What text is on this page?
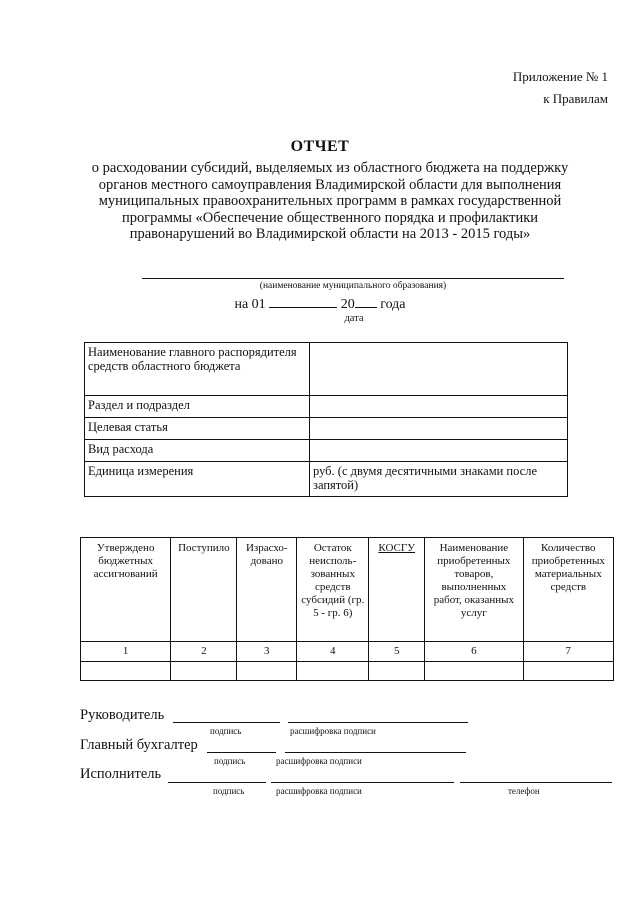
Приложение № 1
к Правилам
ОТЧЕТ
о расходовании субсидий, выделяемых из областного бюджета на поддержку
органов местного самоуправления Владимирской области для выполнения
муниципальных правоохранительных программ в рамках государственной
программы «Обеспечение общественного порядка и профилактики
правонарушений во Владимирской области на 2013 - 2015 годы»
(наименование муниципального образования)
на 01	20 года
дата
Наименование главного распорядителя средств областного бюджета	
Раздел и подраздел	
Целевая статья	
Вид расхода	
Единица измерения	руб. (с двумя десятичными знаками после запятой)
Утверждено бюджетных ассигнований	Поступило	Израсхо-довано	Остаток неисполь-зованных средств субсидий (гр. 5 - гр. 6)	КОСГУ	Наименование приобретенных товаров, выполненных работ, оказанных услуг	Количество приобретенных материальных средств
1	2	3	4	5	6	7

Руководитель
подпись	расшифровка подписи
Главный бухгалтер
подпись	расшифровка подписи
Исполнитель
подпись	расшифровка подписи	телефон
